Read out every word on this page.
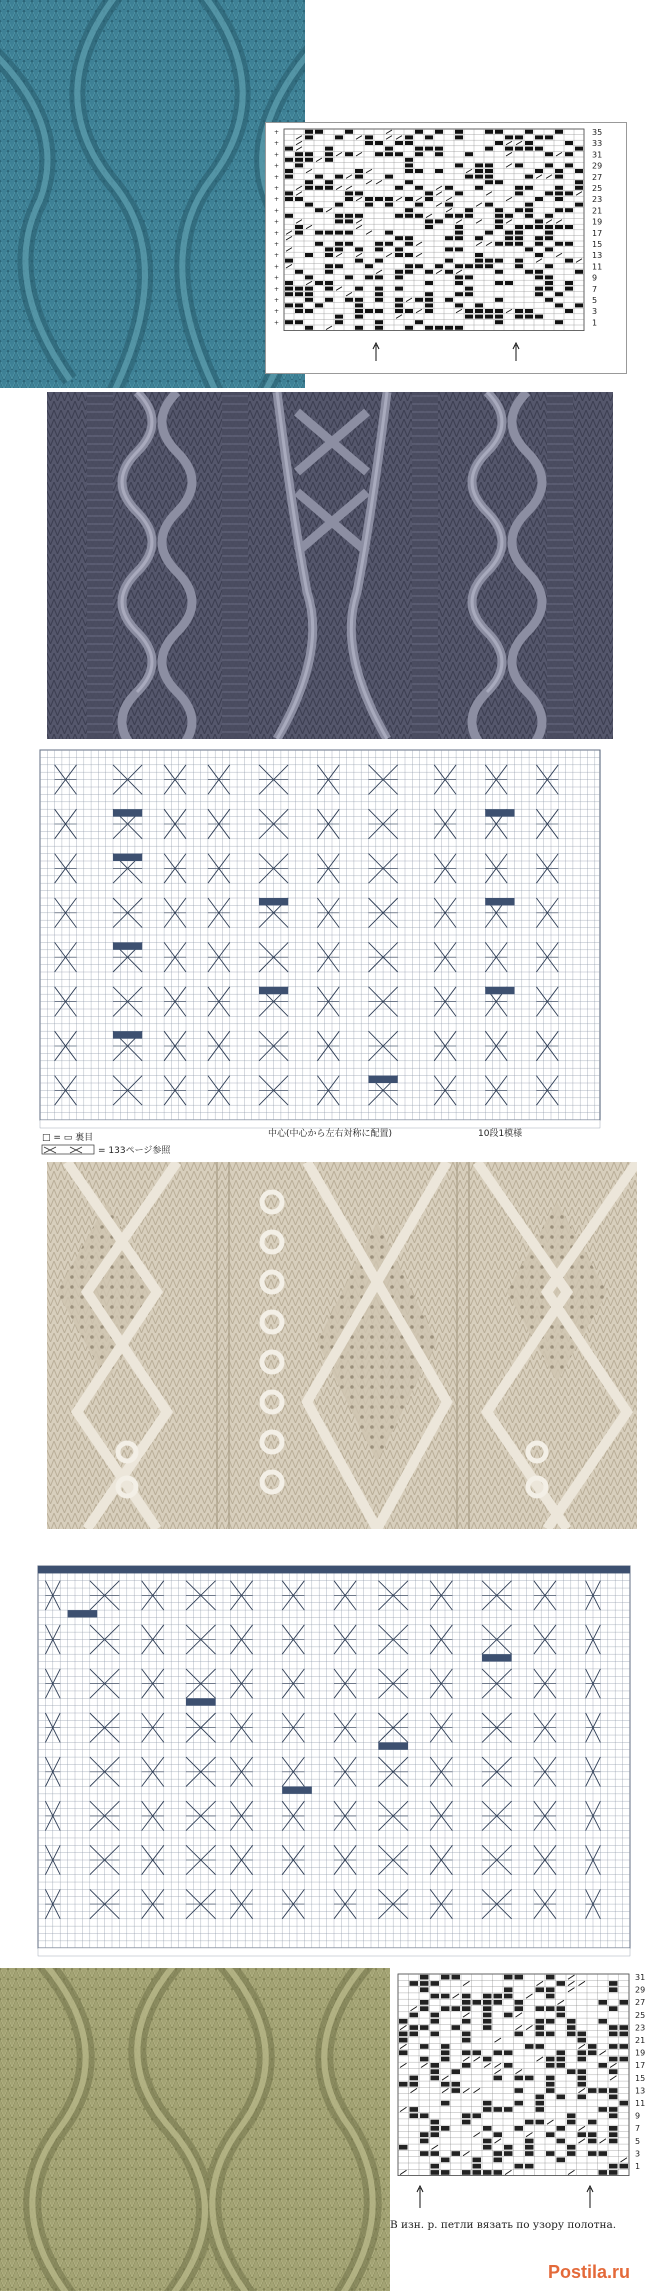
+
+
+
+
+
+
+
+
+
+
+
+
+
+
+
+
+
+
35
33
31
29
27
25
23
21
19
17
15
13
11
9
7
5
3
1
□ = ▭ 裏目
= 133ページ参照
中心(中心から左右対称に配置)	10段1模様
31
29
27
25
23
21
19
17
15
13
11
9
7
5
3
1
В изн. р. петли вязать по узору полотна.
Postila.ru
